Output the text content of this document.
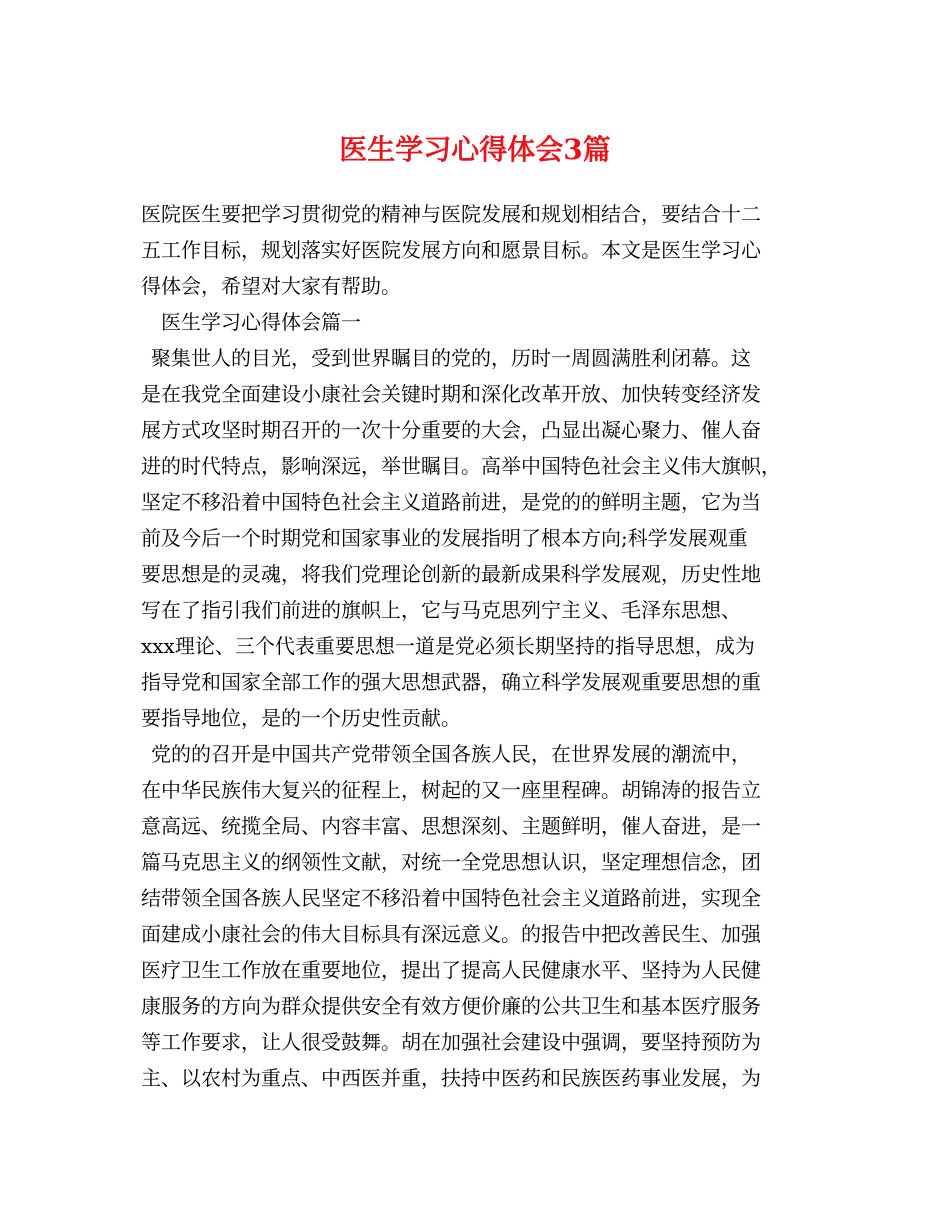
医生学习心得体会3篇
医院医生要把学习贯彻党的精神与医院发展和规划相结合，要结合十二
五工作目标，规划落实好医院发展方向和愿景目标。本文是医生学习心
得体会，希望对大家有帮助。
医生学习心得体会篇一
聚集世人的目光，受到世界瞩目的党的，历时一周圆满胜利闭幕。这
是在我党全面建设小康社会关键时期和深化改革开放、加快转变经济发
展方式攻坚时期召开的一次十分重要的大会，凸显出凝心聚力、催人奋
进的时代特点，影响深远，举世瞩目。高举中国特色社会主义伟大旗帜，
坚定不移沿着中国特色社会主义道路前进，是党的的鲜明主题，它为当
前及今后一个时期党和国家事业的发展指明了根本方向;科学发展观重
要思想是的灵魂，将我们党理论创新的最新成果科学发展观，历史性地
写在了指引我们前进的旗帜上，它与马克思列宁主义、毛泽东思想、
xxx理论、三个代表重要思想一道是党必须长期坚持的指导思想，成为
指导党和国家全部工作的强大思想武器，确立科学发展观重要思想的重
要指导地位，是的一个历史性贡献。
党的的召开是中国共产党带领全国各族人民，在世界发展的潮流中，
在中华民族伟大复兴的征程上，树起的又一座里程碑。胡锦涛的报告立
意高远、统揽全局、内容丰富、思想深刻、主题鲜明，催人奋进，是一
篇马克思主义的纲领性文献，对统一全党思想认识，坚定理想信念，团
结带领全国各族人民坚定不移沿着中国特色社会主义道路前进，实现全
面建成小康社会的伟大目标具有深远意义。的报告中把改善民生、加强
医疗卫生工作放在重要地位，提出了提高人民健康水平、坚持为人民健
康服务的方向为群众提供安全有效方便价廉的公共卫生和基本医疗服务
等工作要求，让人很受鼓舞。胡在加强社会建设中强调，要坚持预防为
主、以农村为重点、中西医并重，扶持中医药和民族医药事业发展，为
